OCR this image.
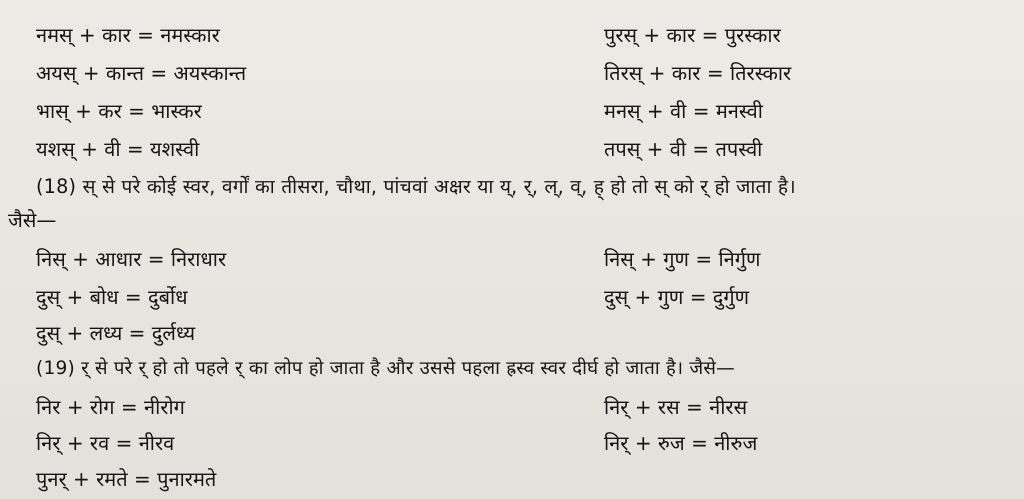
नमस् + कार = नमस्कार	पुरस् + कार = पुरस्कार
अयस् + कान्त = अयस्कान्त	तिरस् + कार = तिरस्कार
भास् + कर = भास्कर	मनस् + वी = मनस्वी
यशस् + वी = यशस्वी	तपस् + वी = तपस्वी
(18) स् से परे कोई स्वर, वर्गों का तीसरा, चौथा, पांचवां अक्षर या य्, र्, ल्, व्, ह् हो तो स् को र् हो जाता है।
जैसे—
निस् + आधार = निराधार	निस् + गुण = निर्गुण
दुस् + बोध = दुर्बोध	दुस् + गुण = दुर्गुण
दुस् + लध्य = दुर्लध्य
(19) र् से परे र् हो तो पहले र् का लोप हो जाता है और उससे पहला ह्रस्व स्वर दीर्घ हो जाता है। जैसे—
निर + रोग = नीरोग	निर् + रस = नीरस
निर् + रव = नीरव	निर् + रुज = नीरुज
पुनर् + रमते = पुनारमते
